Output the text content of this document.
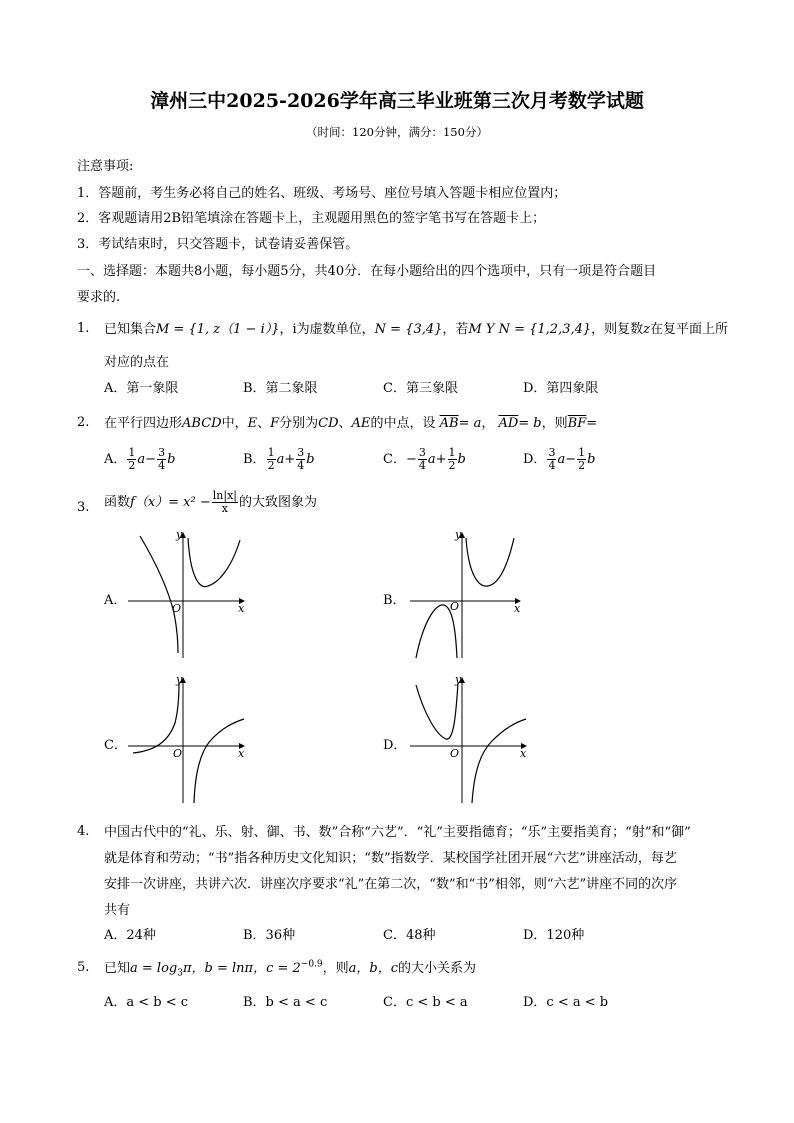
漳州三中2025-2026学年高三毕业班第三次月考数学试题
（时间：120分钟，满分：150分）
注意事项:
1．答题前，考生务必将自己的姓名、班级、考场号、座位号填入答题卡相应位置内；
2．客观题请用2B铅笔填涂在答题卡上，主观题用黑色的签字笔书写在答题卡上；
3．考试结束时，只交答题卡，试卷请妥善保管。
一、选择题：本题共8小题，每小题5分，共40分．在每小题给出的四个选项中，只有一项是符合题目
要求的.
1. 已知集合M = {1, z（1 − i）}，i为虚数单位，N = {3,4}，若M Y N = {1,2,3,4}，则复数z在复平面上所
对应的点在
A．第一象限	B．第二象限	C．第三象限	D．第四象限
2. 在平行四边形ABCD中，E、F分别为CD、AE的中点，设 $\overline{AB}= a$， $\overline{AD}= b$，则$\overline{BF}=$
A． $\frac{1}{2} a- \frac{3}{4}$ b	B． $\frac{1}{2} a+ \frac{3}{4}$ b	C．− $\frac{3}{4} a+ \frac{1}{2}$ b	D． $\frac{3}{4} a- \frac{1}{2}$ b
3. 函数$f(x)= x^2 - \frac{\ln|x|}{x}$ 的大致图象为
A．	B．
C．	D．
y
x
O
y
x
O
y
x
O
y
x
O
4. 中国古代中的“礼、乐、射、御、书、数”合称“六艺”．“礼”主要指德育；“乐”主要指美育；“射”和“御”
就是体育和劳动；“书”指各种历史文化知识；“数”指数学．某校国学社团开展“六艺”讲座活动，每艺
安排一次讲座，共讲六次．讲座次序要求“礼”在第二次，“数”和“书”相邻，则“六艺”讲座不同的次序
共有
A．24种	B．36种	C．48种	D．120种
5. 已知$a = \log_3\pi$，b = lnπ，$c = 2^{-0.9}$，则a，b，c的大小关系为
A．a < b < c	B．b < a < c	C．c < b < a	D．c < a < b
